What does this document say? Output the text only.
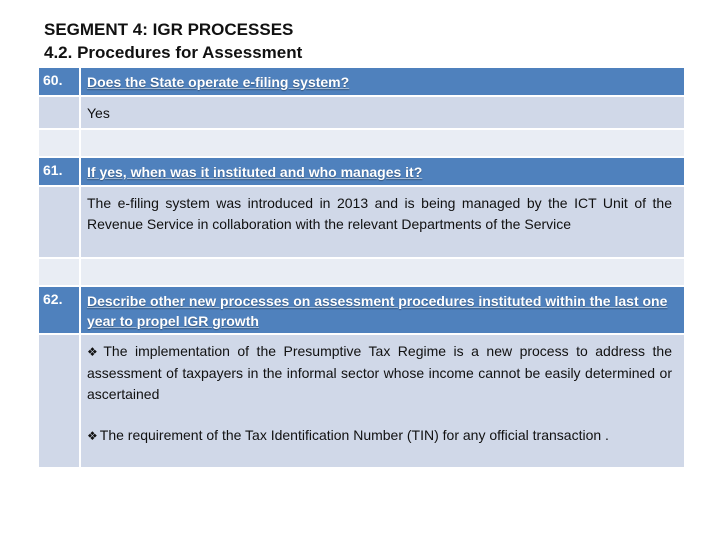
SEGMENT 4: IGR PROCESSES
4.2. Procedures for Assessment
60.	Does the State operate e-filing system?
	Yes

61.	If yes, when was it instituted and who manages it?
	The e-filing system was introduced in 2013 and is being managed by the ICT Unit of the Revenue Service in collaboration with the relevant Departments of the Service

62.	Describe other new processes on assessment procedures instituted within the last one year to propel IGR growth

	❖ The implementation of the Presumptive Tax Regime is a new process to address the assessment of taxpayers in the informal sector whose income cannot be easily determined or ascertained
❖ The requirement of the Tax Identification Number (TIN) for any official transaction .
